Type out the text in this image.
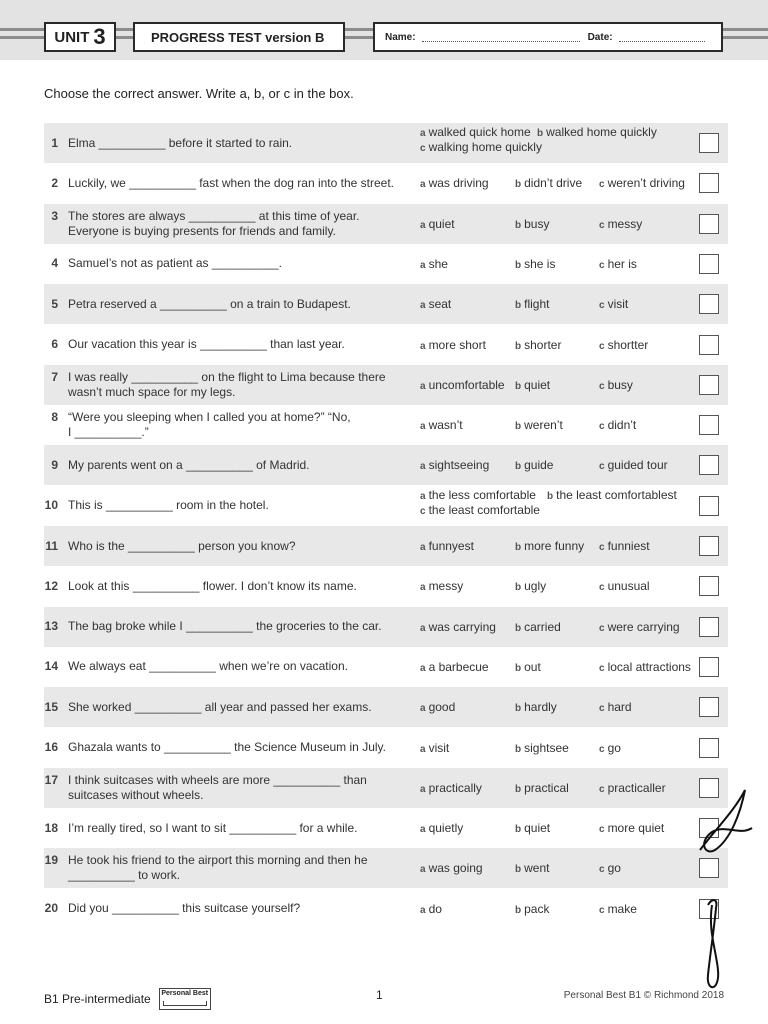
UNIT 3	PROGRESS TEST version B	Name:	Date:
Choose the correct answer. Write a, b, or c in the box.
1 Elma __________ before it started to rain.
a walked quick home b walked home quickly
c walking home quickly
2 Luckily, we __________ fast when the dog ran into the street.	a was driving	b didn’t drive c weren’t driving
3 The stores are always __________ at this time of year.
Everyone is buying presents for friends and family.	a quiet	b busy	c messy
4 Samuel’s not as patient as __________.	a she	b she is	c her is
5 Petra reserved a __________ on a train to Budapest.	a seat	b flight	c visit
6 Our vacation this year is __________ than last year.	a more short	b shorter	c shortter
7 I was really __________ on the flight to Lima because there
wasn’t much space for my legs.	a uncomfortable b quiet	c busy
8 “Were you sleeping when I called you at home?” “No,
I __________.”	a wasn’t	b weren’t	c didn’t
9 My parents went on a __________ of Madrid.	a sightseeing	b guide	c guided tour
10 This is __________ room in the hotel.
a the less comfortable b the least comfortablest
c the least comfortable
11 Who is the __________ person you know?	a funnyest	b more funny c funniest
12 Look at this __________ flower. I don’t know its name.	a messy	b ugly	c unusual
13 The bag broke while I __________ the groceries to the car.	a was carrying b carried	c were carrying
14 We always eat __________ when we’re on vacation.	a a barbecue	b out	c local attractions
15 She worked __________ all year and passed her exams.	a good	b hardly	c hard
16 Ghazala wants to __________ the Science Museum in July.	a visit	b sightsee	c go
17 I think suitcases with wheels are more __________ than
suitcases without wheels.	a practically	b practical	c practicaller
18 I’m really tired, so I want to sit __________ for a while.	a quietly	b quiet	c more quiet
19 He took his friend to the airport this morning and then he
__________ to work.	a was going	b went	c go
20 Did you __________ this suitcase yourself?	a do	b pack	c make
B1 Pre-intermediate	Personal Best	1	Personal Best B1 © Richmond 2018
